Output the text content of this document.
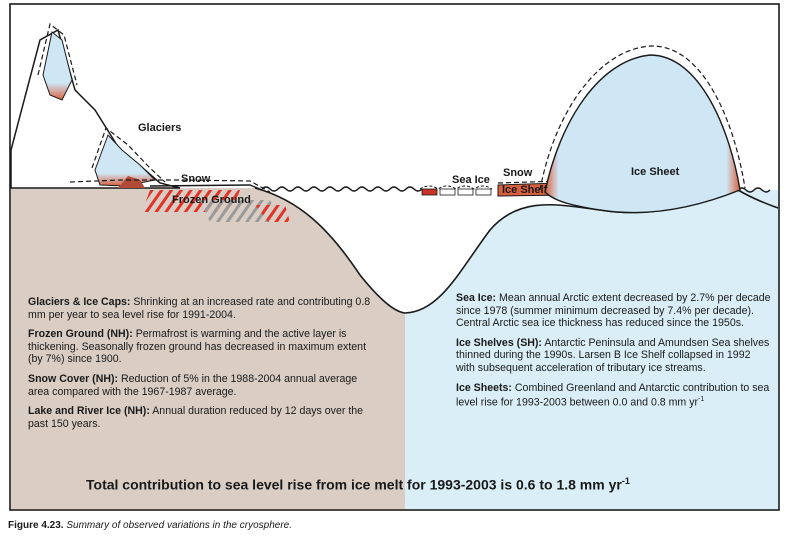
Glaciers
Snow
Frozen Ground
Sea Ice
Snow
Ice Shelf
Ice Sheet

Glaciers & Ice Caps: Shrinking at an increased rate and contributing 0.8 mm per year to sea level rise for 1991-2004.

Frozen Ground (NH): Permafrost is warming and the active layer is thickening. Seasonally frozen ground has decreased in maximum extent (by 7%) since 1900.

Snow Cover (NH): Reduction of 5% in the 1988-2004 annual average area compared with the 1967-1987 average.

Lake and River Ice (NH): Annual duration reduced by 12 days over the past 150 years.

Sea Ice: Mean annual Arctic extent decreased by 2.7% per decade since 1978 (summer minimum decreased by 7.4% per decade). Central Arctic sea ice thickness has reduced since the 1950s.

Ice Shelves (SH): Antarctic Peninsula and Amundsen Sea shelves thinned during the 1990s. Larsen B Ice Shelf collapsed in 1992 with subsequent acceleration of tributary ice streams.

Ice Sheets: Combined Greenland and Antarctic contribution to sea level rise for 1993-2003 between 0.0 and 0.8 mm $yr^{-1}$

Total contribution to sea level rise from ice melt for 1993-2003 is 0.6 to 1.8 mm $yr^{-1}$
Figure 4.23. Summary of observed variations in the cryosphere.
